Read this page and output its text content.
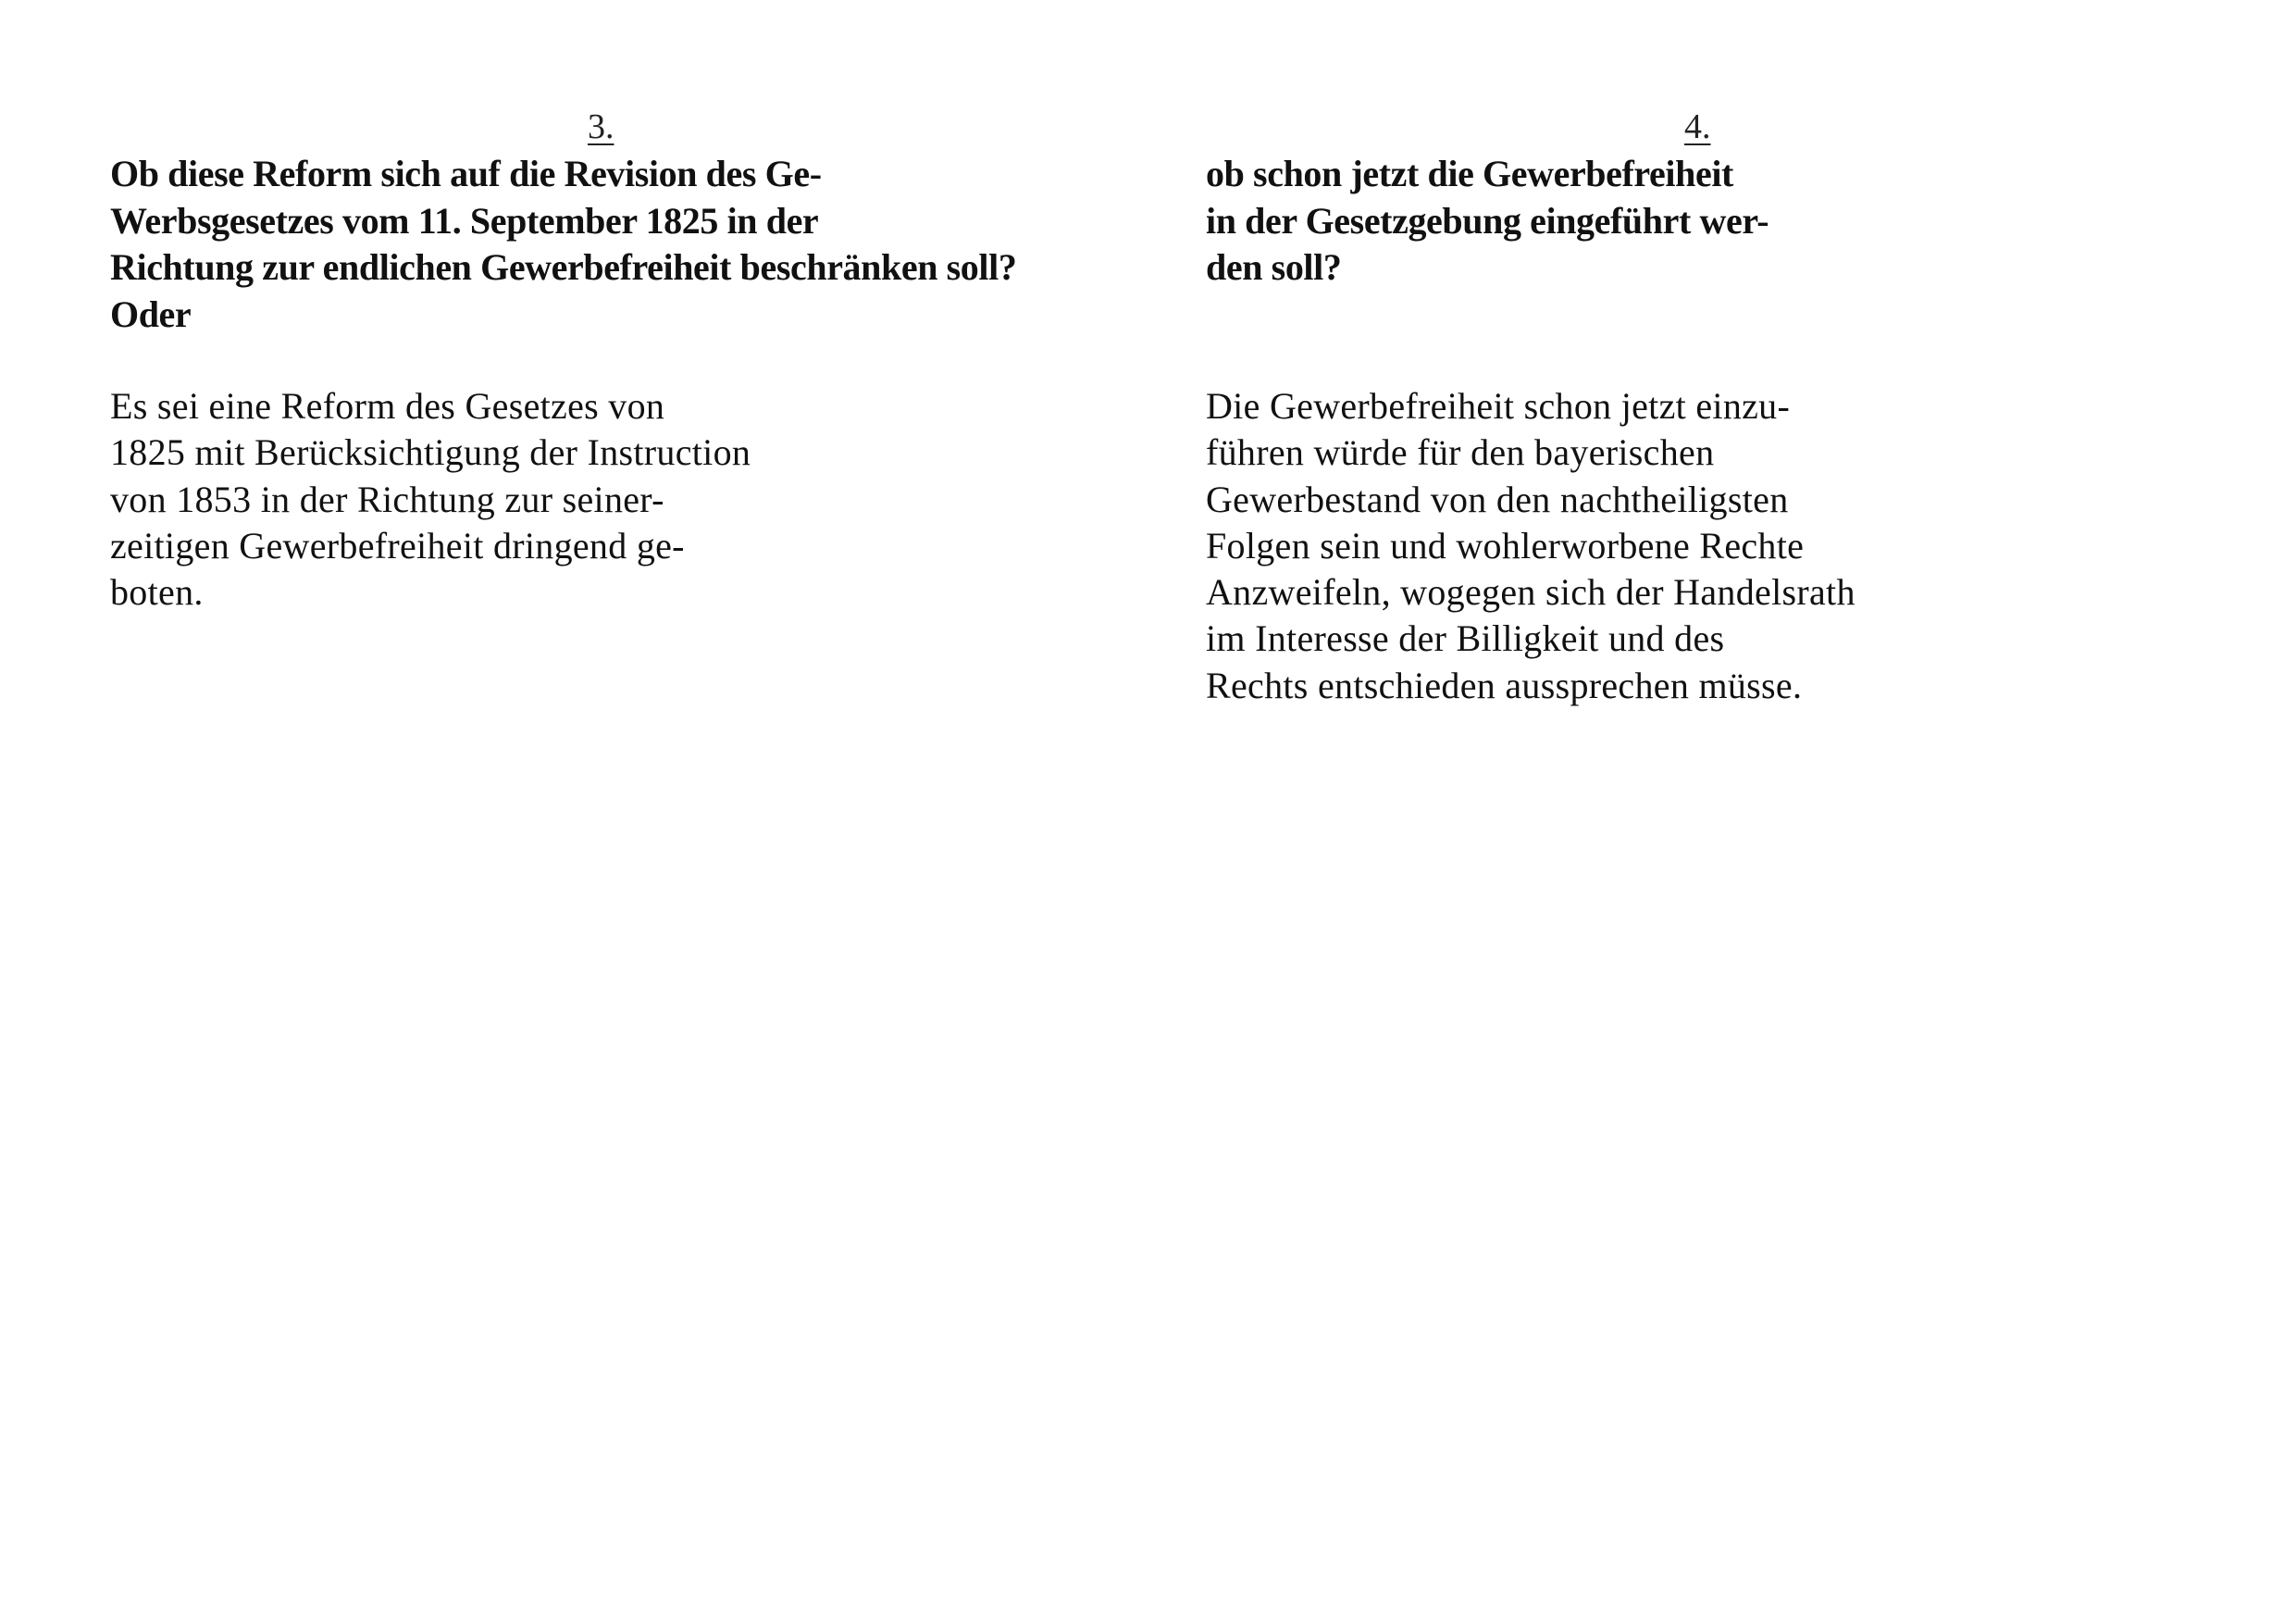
3.

Ob diese Reform sich auf die Revision des Ge-
Werbsgesetzes vom 11. September 1825 in der
Richtung zur endlichen Gewerbefreiheit beschränken soll?
Oder

Es sei eine Reform des Gesetzes von
1825 mit Berücksichtigung der Instruction
von 1853 in der Richtung zur seiner-
zeitigen Gewerbefreiheit dringend ge-
boten.

4.

ob schon jetzt die Gewerbefreiheit
in der Gesetzgebung eingeführt wer-
den soll?

Die Gewerbefreiheit schon jetzt einzu-
führen würde für den bayerischen
Gewerbestand von den nachtheiligsten
Folgen sein und wohlerworbene Rechte
Anzweifeln, wogegen sich der Handelsrath
im Interesse der Billigkeit und des
Rechts entschieden aussprechen müsse.
